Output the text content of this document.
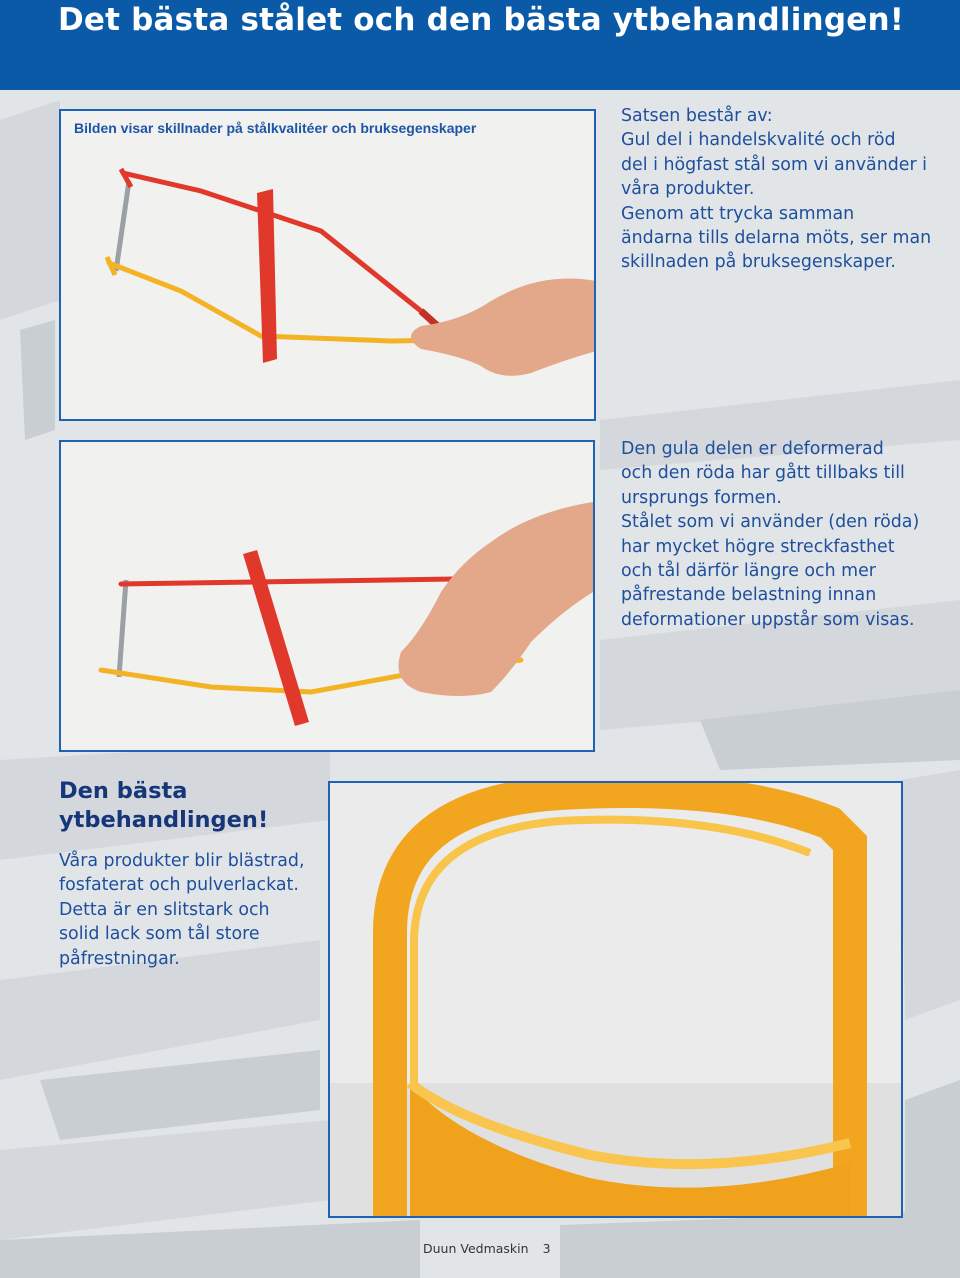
Det bästa stålet och den bästa ytbehandlingen!
Bilden visar skillnader på stålkvalitéer och bruksegenskaper
Satsen består av:
Gul del i handelskvalité och röd
del i högfast stål som vi använder i
våra produkter.
Genom att trycka samman
ändarna tills delarna möts, ser man
skillnaden på bruksegenskaper.
Den gula delen er deformerad
och den röda har gått tillbaks till
ursprungs formen.
Stålet som vi använder (den röda)
har mycket högre streckfasthet
och tål därför längre och mer
påfrestande belastning innan
deformationer uppstår som visas.
Den bästa
ytbehandlingen!
Våra produkter blir blästrad,
fosfaterat och pulverlackat.
Detta är en slitstark och
solid lack som tål store
påfrestningar.
Duun Vedmaskin 3
